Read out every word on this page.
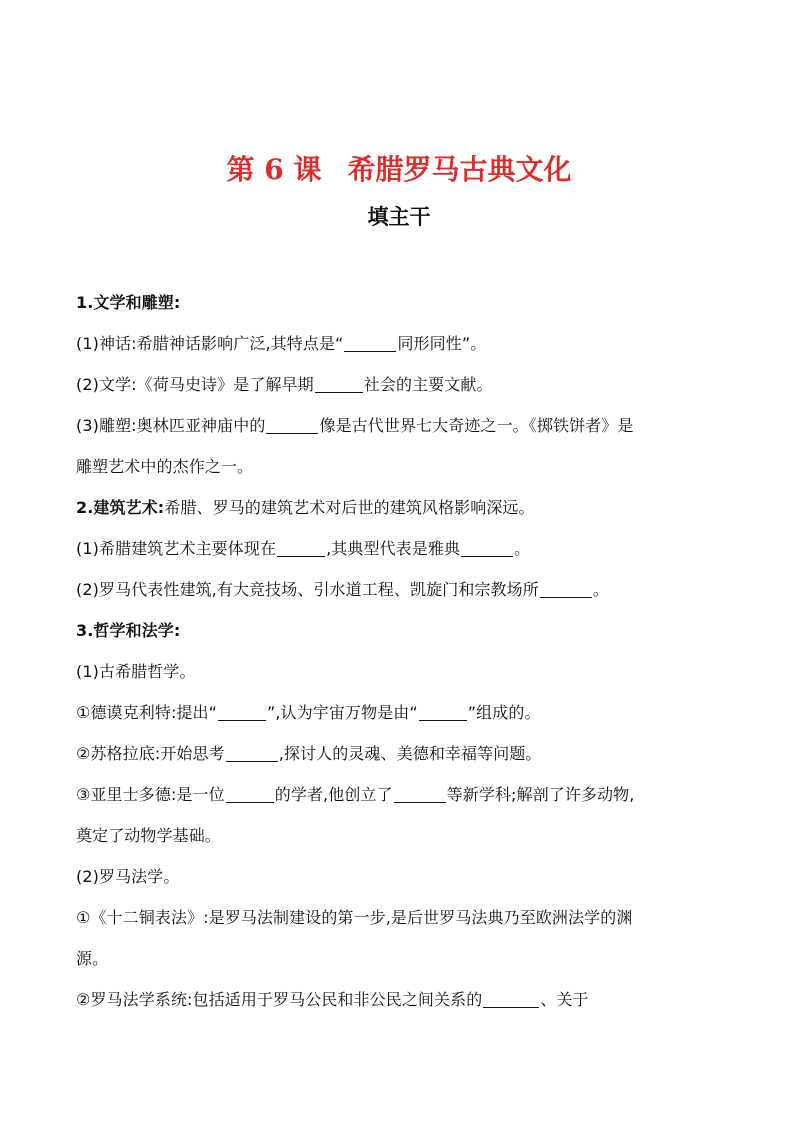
第 6 课 希腊罗马古典文化
填主干
1.文学和雕塑:
(1)神话:希腊神话影响广泛,其特点是“	同形同性”。
(2)文学:《荷马史诗》是了解早期	社会的主要文献。
(3)雕塑:奥林匹亚神庙中的	像是古代世界七大奇迹之一。《掷铁饼者》是
雕塑艺术中的杰作之一。
2.建筑艺术:希腊、罗马的建筑艺术对后世的建筑风格影响深远。
(1)希腊建筑艺术主要体现在	,其典型代表是雅典	。
(2)罗马代表性建筑,有大竞技场、引水道工程、凯旋门和宗教场所	。
3.哲学和法学:
(1)古希腊哲学。
①德谟克利特:提出“	”,认为宇宙万物是由“	”组成的。
②苏格拉底:开始思考	,探讨人的灵魂、美德和幸福等问题。
③亚里士多德:是一位	的学者,他创立了	等新学科;解剖了许多动物,
奠定了动物学基础。
(2)罗马法学。
①《十二铜表法》:是罗马法制建设的第一步,是后世罗马法典乃至欧洲法学的渊
源。
②罗马法学系统:包括适用于罗马公民和非公民之间关系的	、关于
